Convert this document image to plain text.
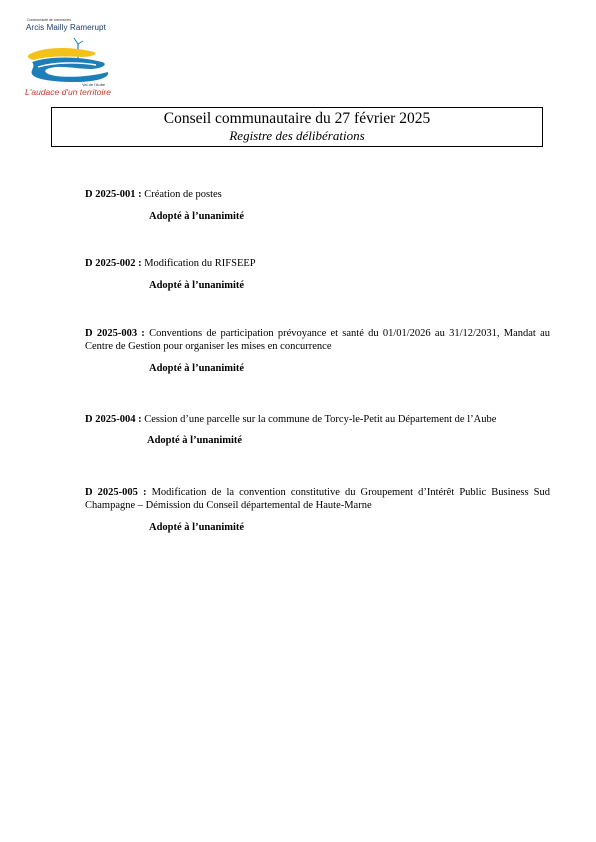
Communauté de communes
Arcis Mailly Ramerupt
Val de l'Aube
L'audace d'un territoire
Conseil communautaire du 27 février 2025
Registre des délibérations
D 2025-001 : Création de postes
Adopté à l’unanimité
D 2025-002 : Modification du RIFSEEP
Adopté à l’unanimité
D 2025-003 : Conventions de participation prévoyance et santé du 01/01/2026 au 31/12/2031, Mandat au Centre de Gestion pour organiser les mises en concurrence
Adopté à l’unanimité
D 2025-004 : Cession d’une parcelle sur la commune de Torcy-le-Petit au Département de l’Aube
Adopté à l’unanimité
D 2025-005 : Modification de la convention constitutive du Groupement d’Intérêt Public Business Sud Champagne – Démission du Conseil départemental de Haute-Marne
Adopté à l’unanimité
